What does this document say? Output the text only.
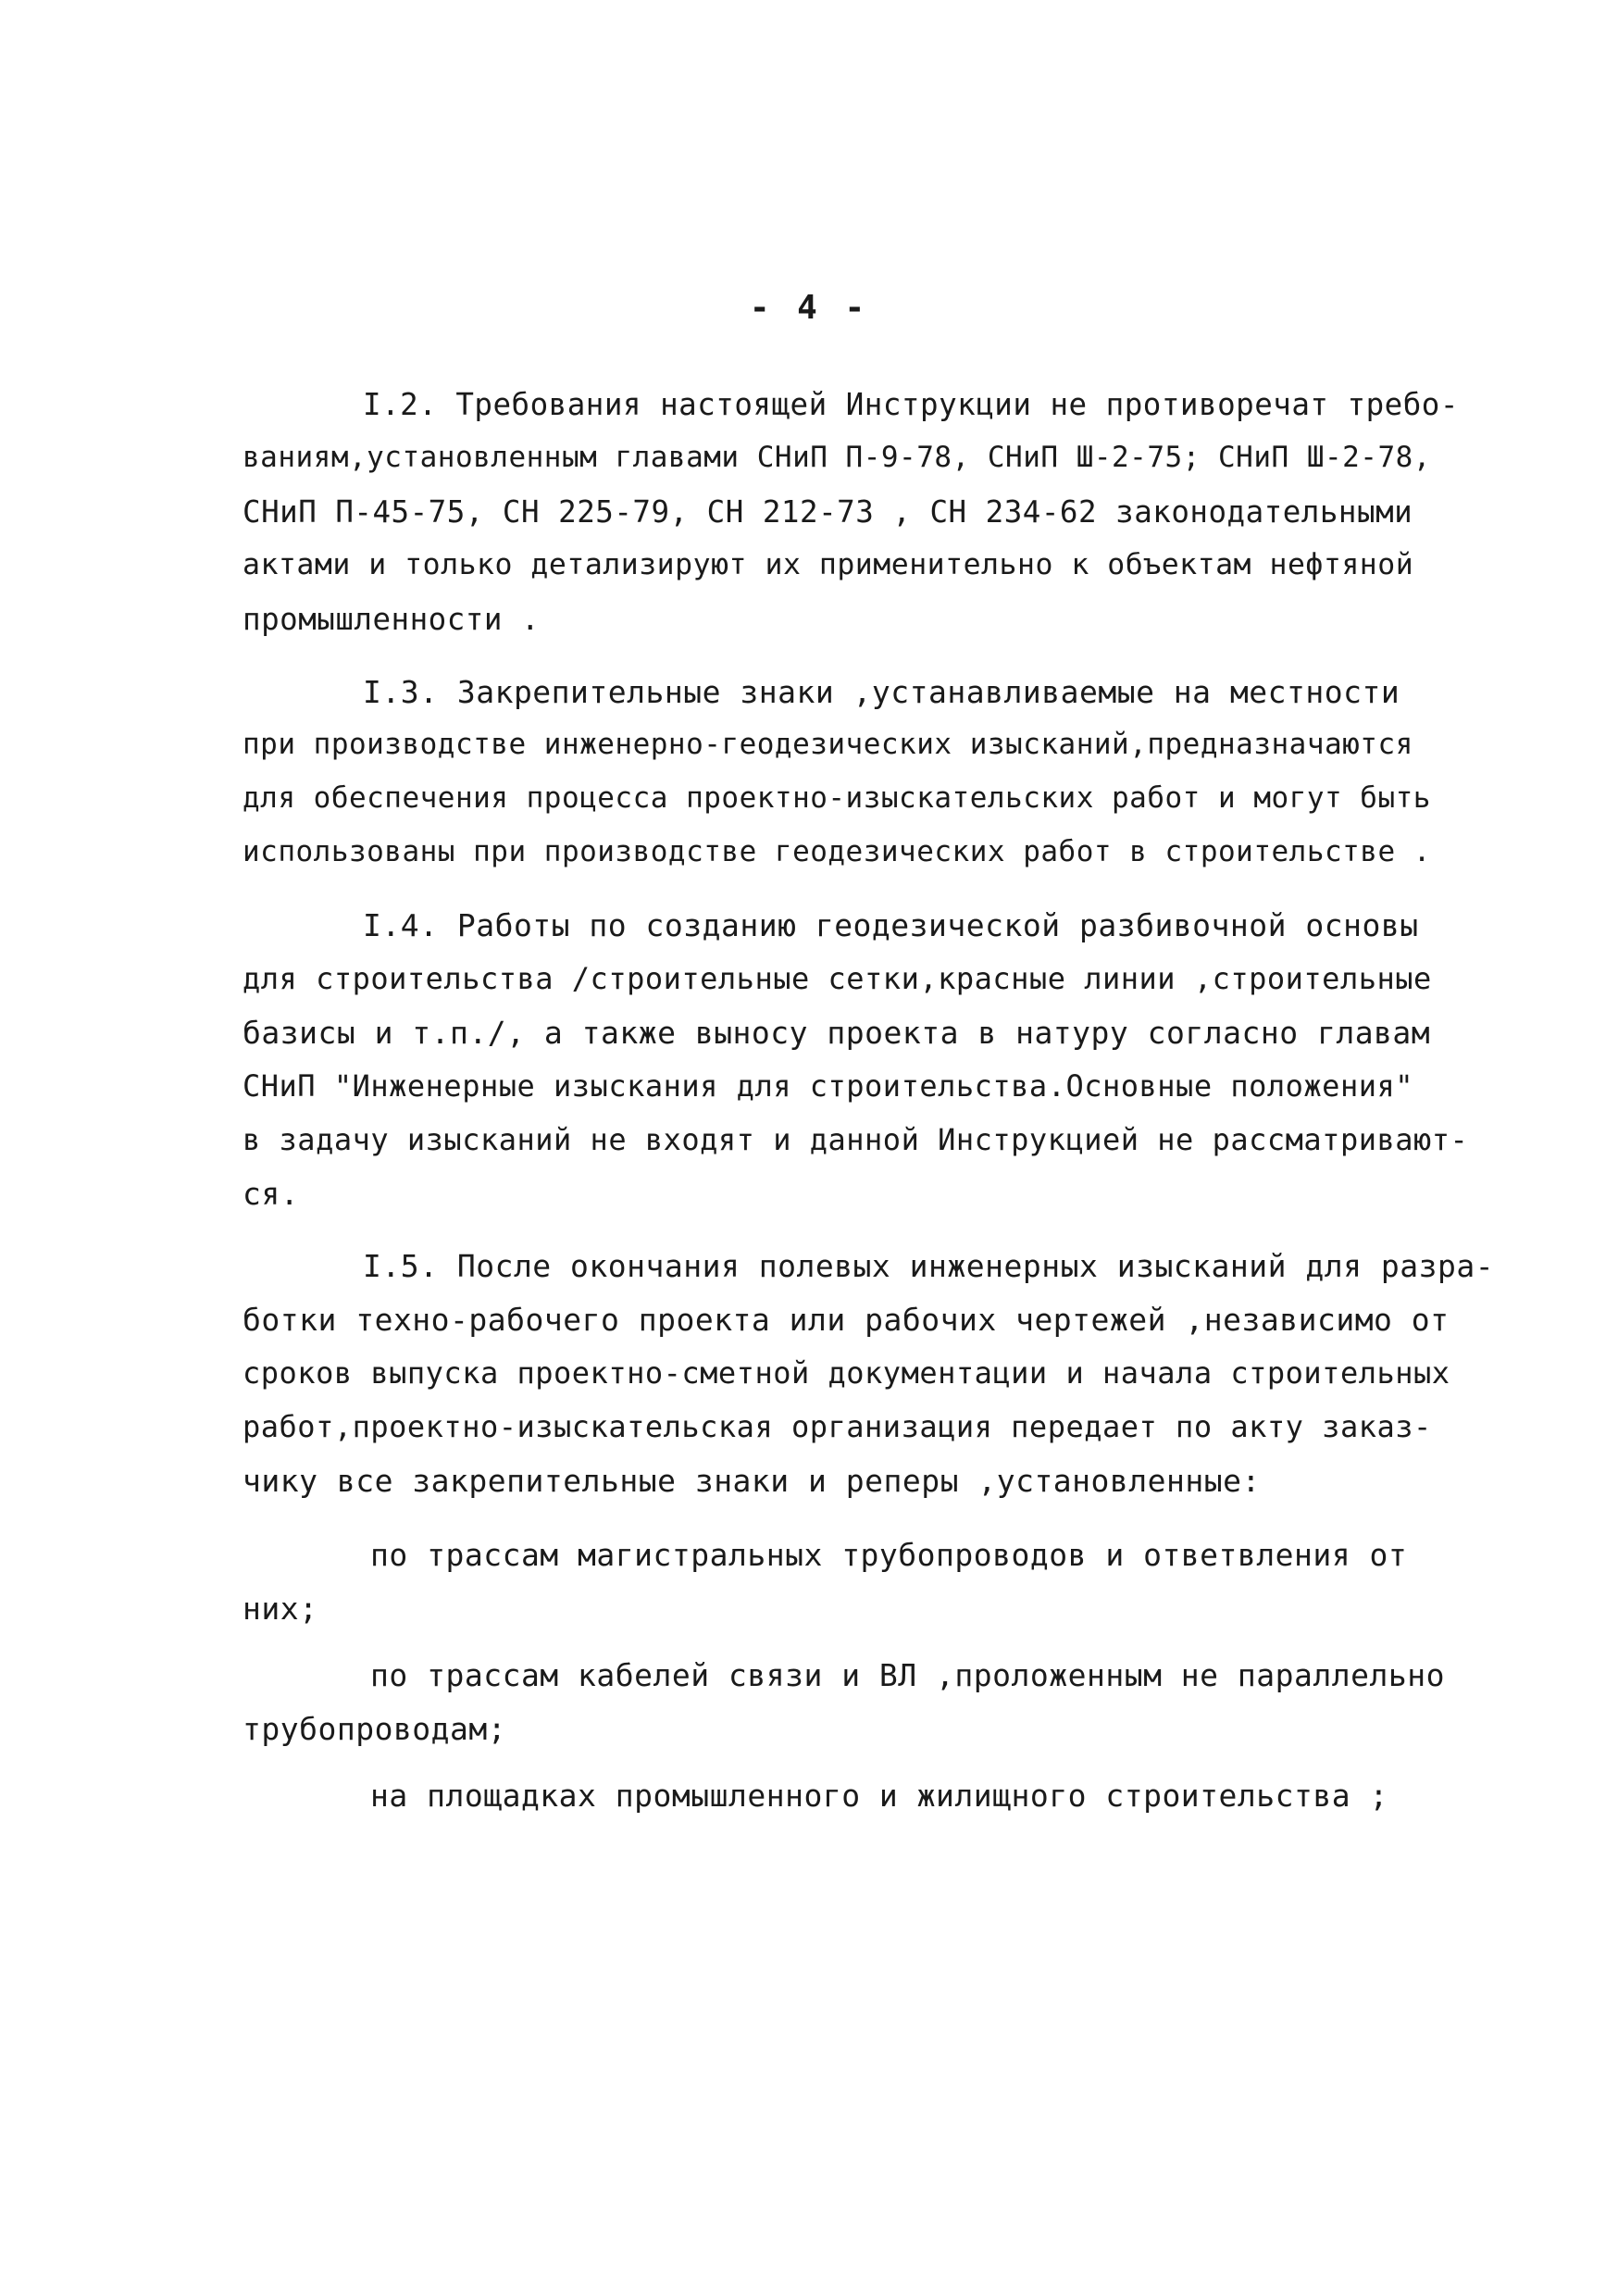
- 4 -
I.2. Требования настоящей Инструкции не противоречат требо-
ваниям,установленным главами СНиП П-9-78, СНиП Ш-2-75; СНиП Ш-2-78,
СНиП П-45-75, СН 225-79, СН 212-73 , СН 234-62 законодательными
актами и только детализируют их применительно к объектам нефтяной
промышленности .
I.3. Закрепительные знаки ,устанавливаемые на местности
при производстве инженерно-геодезических изысканий,предназначаются
для обеспечения процесса проектно-изыскательских работ и могут быть
использованы при производстве геодезических работ в строительстве .
I.4. Работы по созданию геодезической разбивочной основы
для строительства /строительные сетки,красные линии ,строительные
базисы и т.п./, а также выносу проекта в натуру согласно главам
СНиП "Инженерные изыскания для строительства.Основные положения"
в задачу изысканий не входят и данной Инструкцией не рассматривают-
ся.
I.5. После окончания полевых инженерных изысканий для разра-
ботки техно-рабочего проекта или рабочих чертежей ,независимо от
сроков выпуска проектно-сметной документации и начала строительных
работ,проектно-изыскательская организация передает по акту заказ-
чику все закрепительные знаки и реперы ,установленные:
по трассам магистральных трубопроводов и ответвления от
них;
по трассам кабелей связи и ВЛ ,проложенным не параллельно
трубопроводам;
на площадках промышленного и жилищного строительства ;
